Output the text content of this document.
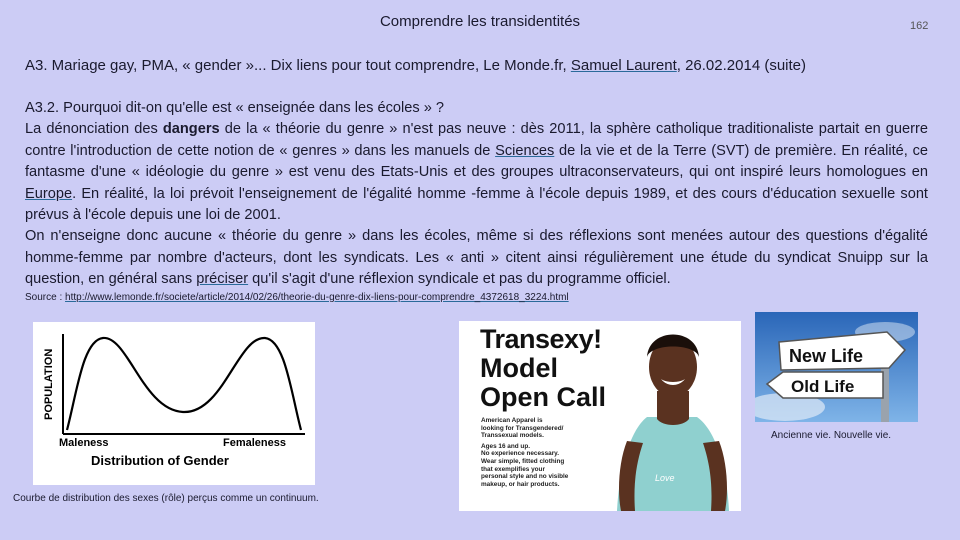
Comprendre les transidentités	162
A3. Mariage gay, PMA, « gender »... Dix liens pour tout comprendre, Le Monde.fr, Samuel Laurent, 26.02.2014 (suite)

A3.2. Pourquoi dit-on qu'elle est « enseignée dans les écoles » ?

La dénonciation des dangers de la « théorie du genre » n'est pas neuve : dès 2011, la sphère catholique traditionaliste partait en guerre contre l'introduction de cette notion de « genres » dans les manuels de Sciences de la vie et de la Terre (SVT) de première. En réalité, ce fantasme d'une « idéologie du genre » est venu des Etats-Unis et des groupes ultraconservateurs, qui ont inspiré leurs homologues en Europe. En réalité, la loi prévoit l'enseignement de l'égalité homme -femme à l'école depuis 1989, et des cours d'éducation sexuelle sont prévus à l'école depuis une loi de 2001.

On n'enseigne donc aucune « théorie du genre » dans les écoles, même si des réflexions sont menées autour des questions d'égalité homme-femme par nombre d'acteurs, dont les syndicats. Les « anti » citent ainsi régulièrement une étude du syndicat Snuipp sur la question, en général sans préciser qu'il s'agit d'une réflexion syndicale et pas du programme officiel.

Source : http://www.lemonde.fr/societe/article/2014/02/26/theorie-du-genre-dix-liens-pour-comprendre_4372618_3224.html
POPULATION
Maleness	Femaleness
Distribution of Gender
Courbe de distribution des sexes (rôle) perçus comme un continuum.
Transexy!
Model
Open Call
American Apparel is
looking for Transgendered/
Transsexual models.
Ages 16 and up.
No experience necessary.
Wear simple, fitted clothing
that exemplifies your
personal style and no visible
makeup, or hair products.
Love
New Life
Old Life
Ancienne vie. Nouvelle vie.
